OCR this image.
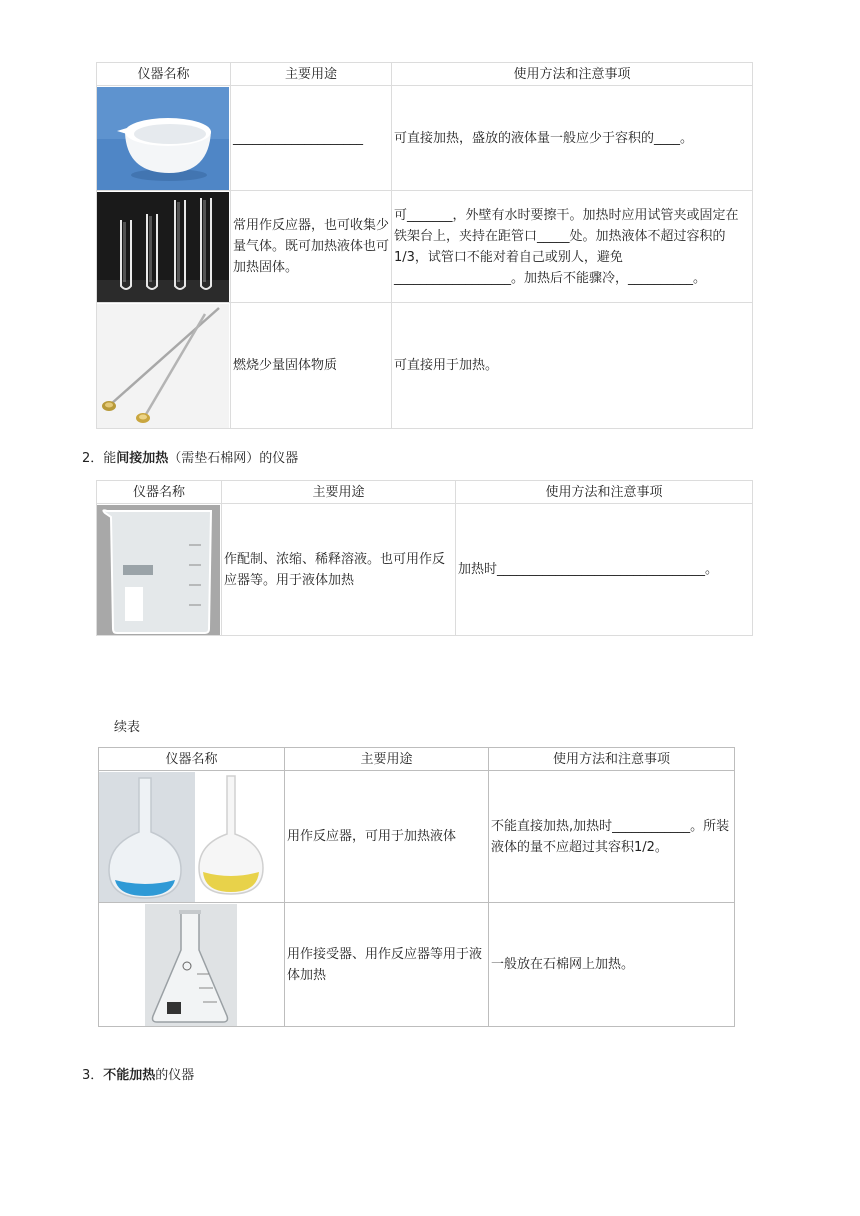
仪器名称	主要用途	使用方法和注意事项

	____________________	可直接加热，盛放的液体量一般应少于容积的____。

	常用作反应器，也可收集少量气体。既可加热液体也可加热固体。	可_______，外壁有水时要擦干。加热时应用试管夹或固定在铁架台上，夹持在距管口_____处。加热液体不超过容积的1/3，试管口不能对着自己或别人，避免__________________。加热后不能骤冷，__________。

	燃烧少量固体物质	可直接用于加热。
2．能间接加热（需垫石棉网）的仪器
仪器名称	主要用途	使用方法和注意事项

	作配制、浓缩、稀释溶液。也可用作反应器等。用于液体加热	加热时________________________________。
续表
仪器名称	主要用途	使用方法和注意事项

	用作反应器，可用于加热液体	不能直接加热,加热时____________。所装液体的量不应超过其容积1/2。

	用作接受器、用作反应器等用于液体加热	一般放在石棉网上加热。
3．不能加热的仪器
